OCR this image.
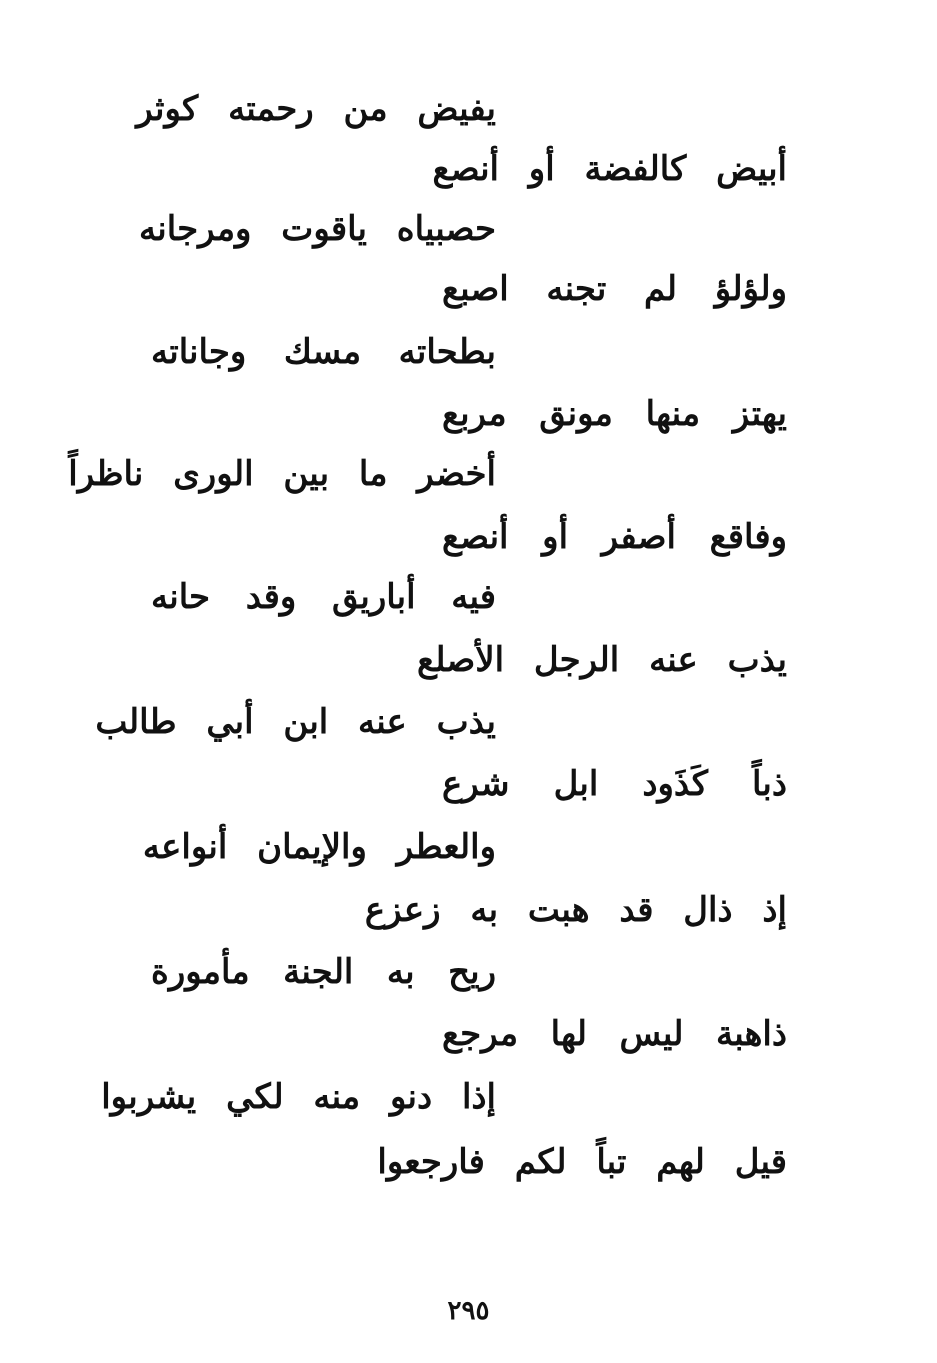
يفيض من رحمته كوثر
أبيض كالفضة أو أنصع
حصبياه ياقوت ومرجانه
ولؤلؤ لم تجنه اصبع
بطحاته مسك وجاناته
يهتز منها مونق مربع
أخضر ما بين الورى ناظراً
وفاقع أصفر أو أنصع
فيه أباريق وقد حانه
يذب عنه الرجل الأصلع
يذب عنه ابن أبي طالب
ذباً كَذَود ابل شرع
والعطر والإيمان أنواعه
إذ ذال قد هبت به زعزع
ريح به الجنة مأمورة
ذاهبة ليس لها مرجع
إذا دنو منه لكي يشربوا
قيل لهم تباً لكم فارجعوا
٢٩٥
